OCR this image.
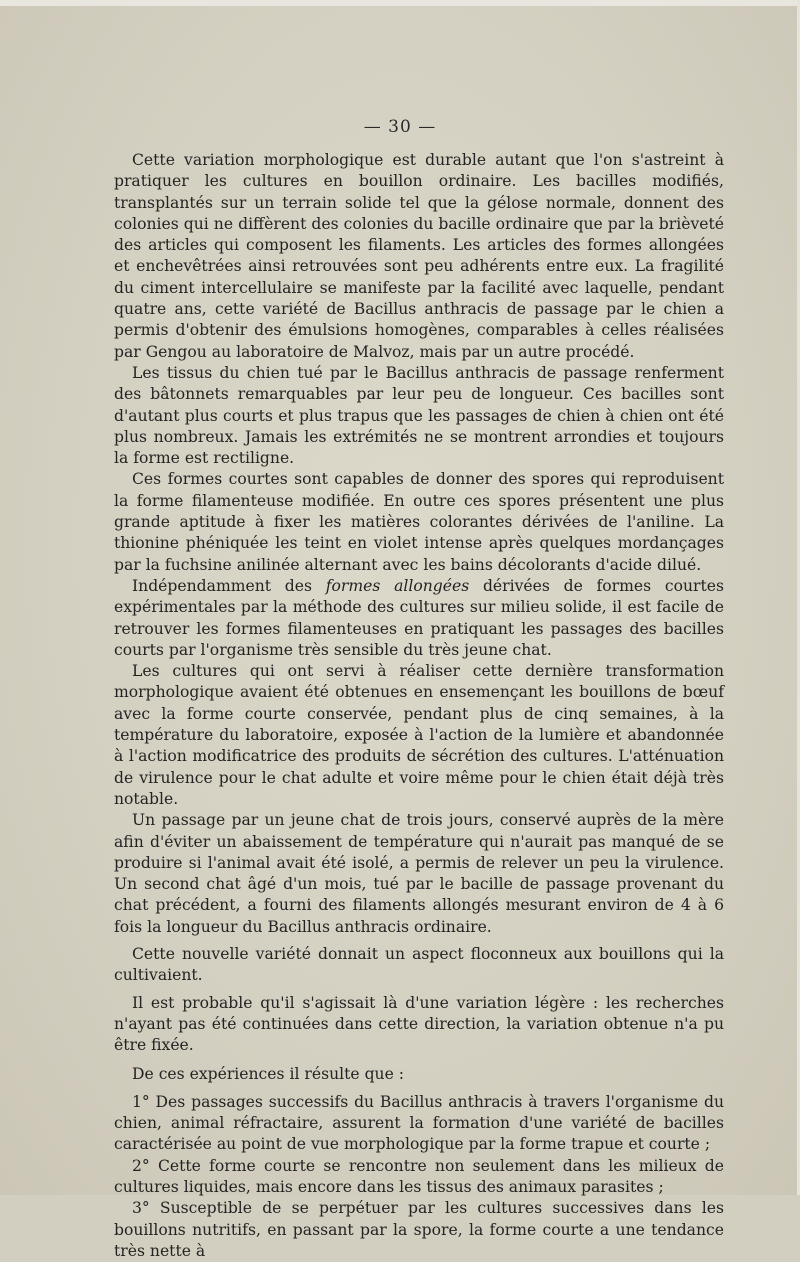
— 30 —

Cette variation morphologique est durable autant que l'on s'astreint à pratiquer les cultures en bouillon ordinaire. Les bacilles modifiés, transplantés sur un terrain solide tel que la gélose normale, donnent des colonies qui ne diffèrent des colonies du bacille ordinaire que par la brièveté des articles qui composent les filaments. Les articles des formes allongées et enchevêtrées ainsi retrouvées sont peu adhérents entre eux. La fragilité du ciment intercellulaire se manifeste par la facilité avec laquelle, pendant quatre ans, cette variété de Bacillus anthracis de passage par le chien a permis d'obtenir des émulsions homogènes, comparables à celles réalisées par Gengou au laboratoire de Malvoz, mais par un autre procédé.

Les tissus du chien tué par le Bacillus anthracis de passage renferment des bâtonnets remarquables par leur peu de longueur. Ces bacilles sont d'autant plus courts et plus trapus que les passages de chien à chien ont été plus nombreux. Jamais les extrémités ne se montrent arrondies et toujours la forme est rectiligne.

Ces formes courtes sont capables de donner des spores qui reproduisent la forme filamenteuse modifiée. En outre ces spores présentent une plus grande aptitude à fixer les matières colorantes dérivées de l'aniline. La thionine phéniquée les teint en violet intense après quelques mordançages par la fuchsine anilinée alternant avec les bains décolorants d'acide dilué.

Indépendamment des formes allongées dérivées de formes courtes expérimentales par la méthode des cultures sur milieu solide, il est facile de retrouver les formes filamenteuses en pratiquant les passages des bacilles courts par l'organisme très sensible du très jeune chat.

Les cultures qui ont servi à réaliser cette dernière transformation morphologique avaient été obtenues en ensemençant les bouillons de bœuf avec la forme courte conservée, pendant plus de cinq semaines, à la température du laboratoire, exposée à l'action de la lumière et abandonnée à l'action modificatrice des produits de sécrétion des cultures. L'atténuation de virulence pour le chat adulte et voire même pour le chien était déjà très notable.

Un passage par un jeune chat de trois jours, conservé auprès de la mère afin d'éviter un abaissement de température qui n'aurait pas manqué de se produire si l'animal avait été isolé, a permis de relever un peu la virulence. Un second chat âgé d'un mois, tué par le bacille de passage provenant du chat précédent, a fourni des filaments allongés mesurant environ de 4 à 6 fois la longueur du Bacillus anthracis ordinaire.

Cette nouvelle variété donnait un aspect floconneux aux bouillons qui la cultivaient.

Il est probable qu'il s'agissait là d'une variation légère : les recherches n'ayant pas été continuées dans cette direction, la variation obtenue n'a pu être fixée.

De ces expériences il résulte que :

1° Des passages successifs du Bacillus anthracis à travers l'organisme du chien, animal réfractaire, assurent la formation d'une variété de bacilles caractérisée au point de vue morphologique par la forme trapue et courte ;

2° Cette forme courte se rencontre non seulement dans les milieux de cultures liquides, mais encore dans les tissus des animaux parasites ;

3° Susceptible de se perpétuer par les cultures successives dans les bouillons nutritifs, en passant par la spore, la forme courte a une tendance très nette à
